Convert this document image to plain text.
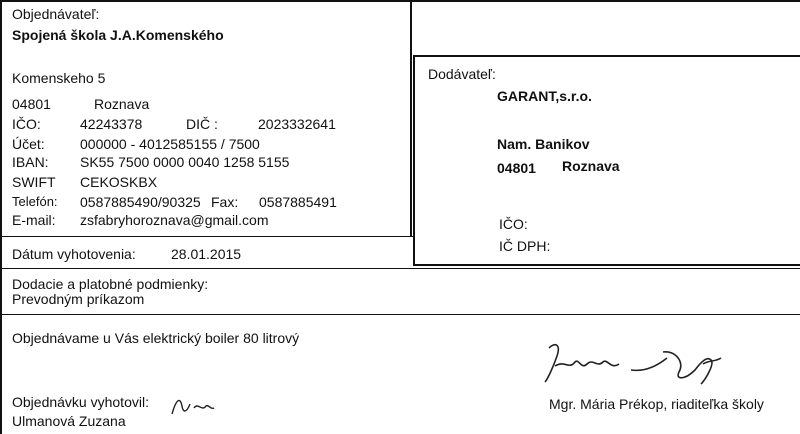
Objednávateľ:
Spojená škola J.A.Komenského
Komenskeho 5
04801	Roznava
IČO:	42243378	DIČ :	2023332641
Účet:	000000 - 4012585155 / 7500
IBAN: SK55 7500 0000 0040 1258 5155
SWIFT CEKOSKBX
Telefón: 0587885490/90325 Fax: 0587885491
E-mail: zsfabryhoroznava@gmail.com
Dodávateľ:
GARANT,s.r.o.
Nam. Banikov
04801 Roznava
IČO:
IČ DPH:
Dátum vyhotovenia:	28.01.2015
Dodacie a platobné podmienky:
Prevodným príkazom
Objednávame u Vás elektrický boiler 80 litrový
Objednávku vyhotovil:
Ulmanová Zuzana
Mgr. Mária Prékop, riaditeľka školy
